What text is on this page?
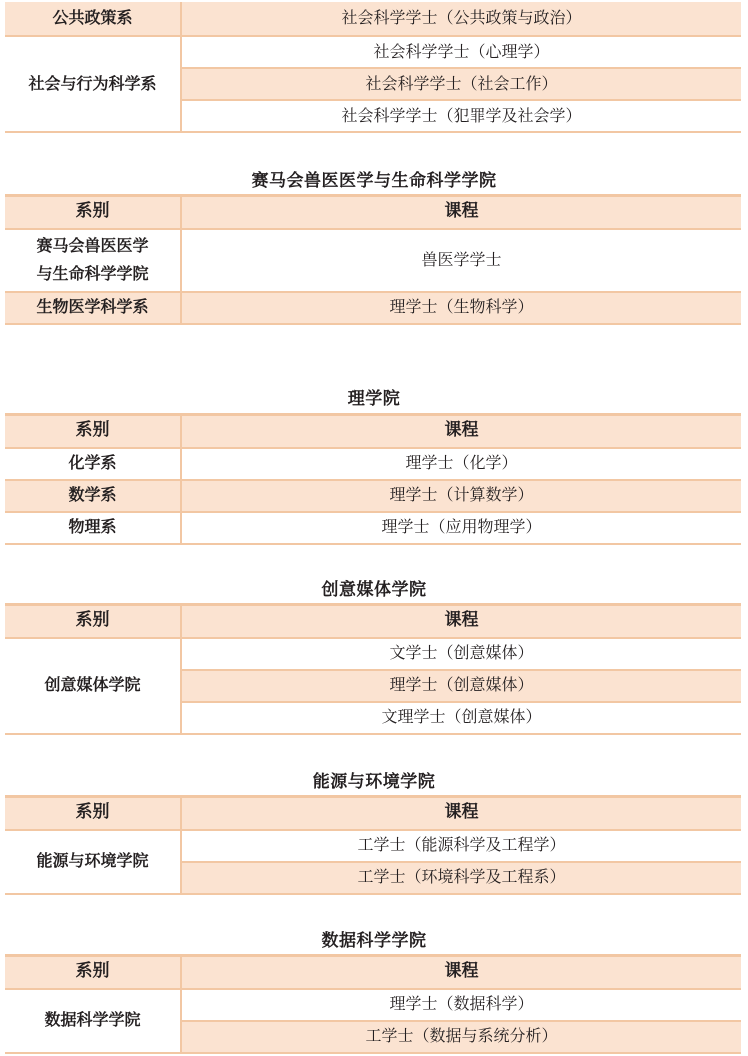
公共政策系	社会科学学士（公共政策与政治）
社会与行为科学系	社会科学学士（心理学）
	社会科学学士（社会工作）
	社会科学学士（犯罪学及社会学）
赛马会兽医医学与生命科学学院
系别	课程

赛马会兽医医学
与生命科学学院	兽医学学士
生物医学科学系	理学士（生物科学）
理学院
系别	课程
化学系	理学士（化学）
数学系	理学士（计算数学）
物理系	理学士（应用物理学）
创意媒体学院
系别	课程
创意媒体学院	文学士（创意媒体）
	理学士（创意媒体）
	文理学士（创意媒体）
能源与环境学院
系别	课程
能源与环境学院	工学士（能源科学及工程学）
	工学士（环境科学及工程系）
数据科学学院
系别	课程
数据科学学院	理学士（数据科学）
	工学士（数据与系统分析）
